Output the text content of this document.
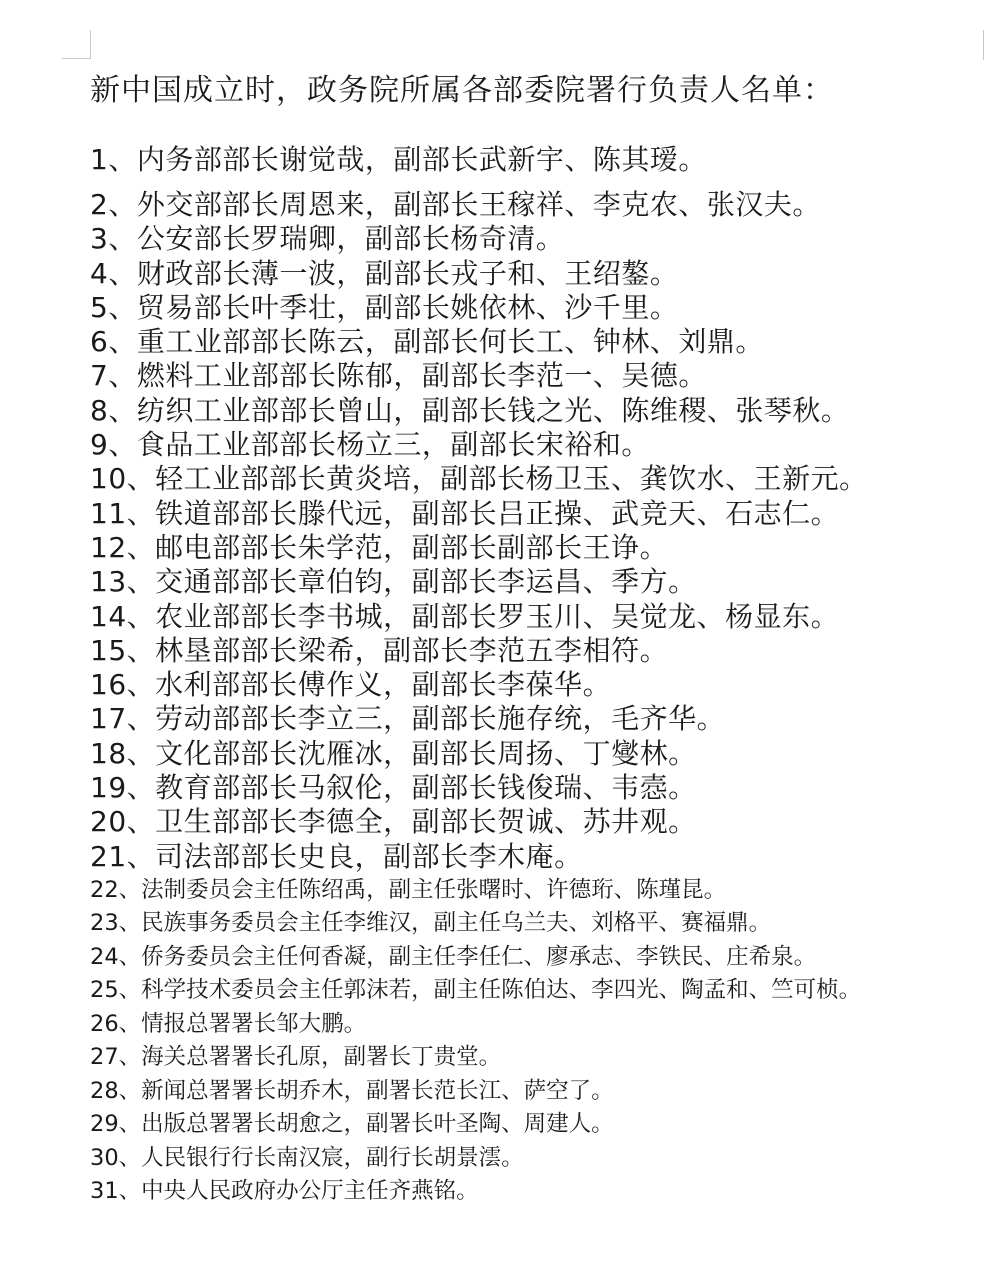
新中国成立时，政务院所属各部委院署行负责人名单：
1、内务部部长谢觉哉，副部长武新宇、陈其瑷。
2、外交部部长周恩来，副部长王稼祥、李克农、张汉夫。
3、公安部长罗瑞卿，副部长杨奇清。
4、财政部长薄一波，副部长戎子和、王绍鏊。
5、贸易部长叶季壮，副部长姚依林、沙千里。
6、重工业部部长陈云，副部长何长工、钟林、刘鼎。
7、燃料工业部部长陈郁，副部长李范一、吴德。
8、纺织工业部部长曾山，副部长钱之光、陈维稷、张琴秋。
9、食品工业部部长杨立三，副部长宋裕和。
10、轻工业部部长黄炎培，副部长杨卫玉、龚饮水、王新元。
11、铁道部部长滕代远，副部长吕正操、武竞天、石志仁。
12、邮电部部长朱学范，副部长副部长王诤。
13、交通部部长章伯钧，副部长李运昌、季方。
14、农业部部长李书城，副部长罗玉川、吴觉龙、杨显东。
15、林垦部部长梁希，副部长李范五李相符。
16、水利部部长傅作义，副部长李葆华。
17、劳动部部长李立三，副部长施存统，毛齐华。
18、文化部部长沈雁冰，副部长周扬、丁燮林。
19、教育部部长马叙伦，副部长钱俊瑞、韦悫。
20、卫生部部长李德全，副部长贺诚、苏井观。
21、司法部部长史良，副部长李木庵。
22、法制委员会主任陈绍禹，副主任张曙时、许德珩、陈瑾昆。
23、民族事务委员会主任李维汉，副主任乌兰夫、刘格平、赛福鼎。
24、侨务委员会主任何香凝，副主任李任仁、廖承志、李铁民、庄希泉。
25、科学技术委员会主任郭沫若，副主任陈伯达、李四光、陶孟和、竺可桢。
26、情报总署署长邹大鹏。
27、海关总署署长孔原，副署长丁贵堂。
28、新闻总署署长胡乔木，副署长范长江、萨空了。
29、出版总署署长胡愈之，副署长叶圣陶、周建人。
30、人民银行行长南汉宸，副行长胡景澐。
31、中央人民政府办公厅主任齐燕铭。
